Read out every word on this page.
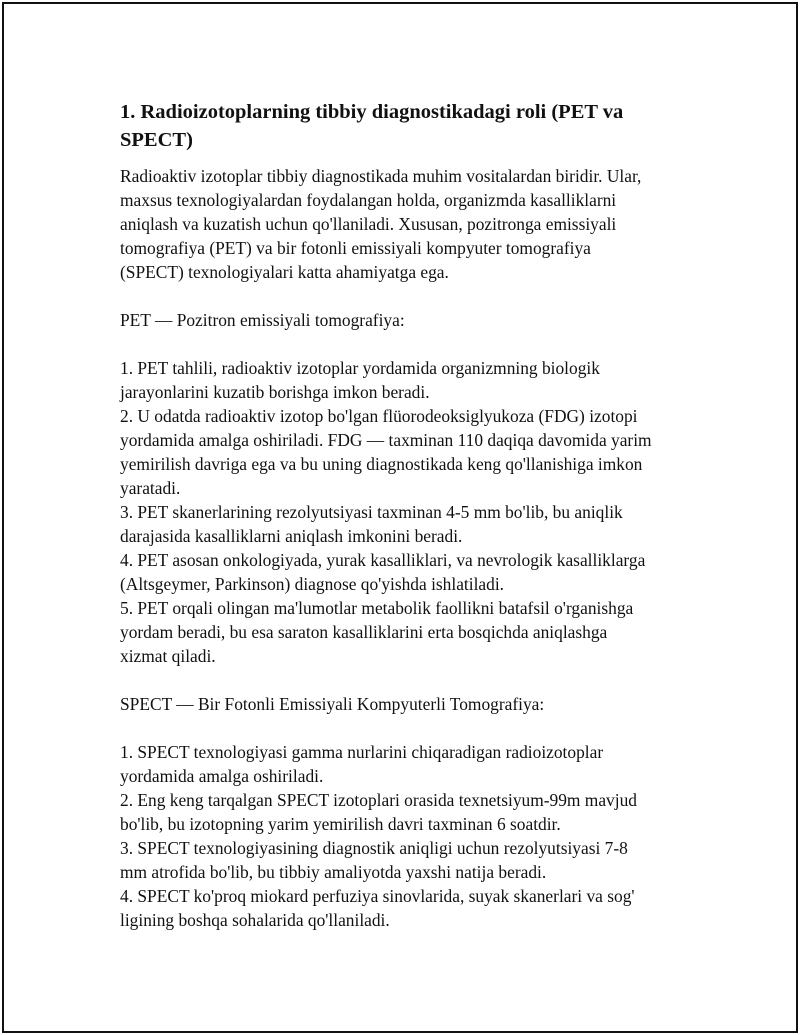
1. Radioizotoplarning tibbiy diagnostikadagi roli (PET va
SPECT)
Radioaktiv izotoplar tibbiy diagnostikada muhim vositalardan biridir. Ular,
maxsus texnologiyalardan foydalangan holda, organizmda kasalliklarni
aniqlash va kuzatish uchun qo'llaniladi. Xususan, pozitronga emissiyali
tomografiya (PET) va bir fotonli emissiyali kompyuter tomografiya
(SPECT) texnologiyalari katta ahamiyatga ega.
PET — Pozitron emissiyali tomografiya:
1. PET tahlili, radioaktiv izotoplar yordamida organizmning biologik
jarayonlarini kuzatib borishga imkon beradi.
2. U odatda radioaktiv izotop bo'lgan flüorodeoksiglyukoza (FDG) izotopi
yordamida amalga oshiriladi. FDG — taxminan 110 daqiqa davomida yarim
yemirilish davriga ega va bu uning diagnostikada keng qo'llanishiga imkon
yaratadi.
3. PET skanerlarining rezolyutsiyasi taxminan 4-5 mm bo'lib, bu aniqlik
darajasida kasalliklarni aniqlash imkonini beradi.
4. PET asosan onkologiyada, yurak kasalliklari, va nevrologik kasalliklarga
(Altsgeymer, Parkinson) diagnose qo'yishda ishlatiladi.
5. PET orqali olingan ma'lumotlar metabolik faollikni batafsil o'rganishga
yordam beradi, bu esa saraton kasalliklarini erta bosqichda aniqlashga
xizmat qiladi.
SPECT — Bir Fotonli Emissiyali Kompyuterli Tomografiya:
1. SPECT texnologiyasi gamma nurlarini chiqaradigan radioizotoplar
yordamida amalga oshiriladi.
2. Eng keng tarqalgan SPECT izotoplari orasida texnetsiyum-99m mavjud
bo'lib, bu izotopning yarim yemirilish davri taxminan 6 soatdir.
3. SPECT texnologiyasining diagnostik aniqligi uchun rezolyutsiyasi 7-8
mm atrofida bo'lib, bu tibbiy amaliyotda yaxshi natija beradi.
4. SPECT ko'proq miokard perfuziya sinovlarida, suyak skanerlari va sog'
ligining boshqa sohalarida qo'llaniladi.
